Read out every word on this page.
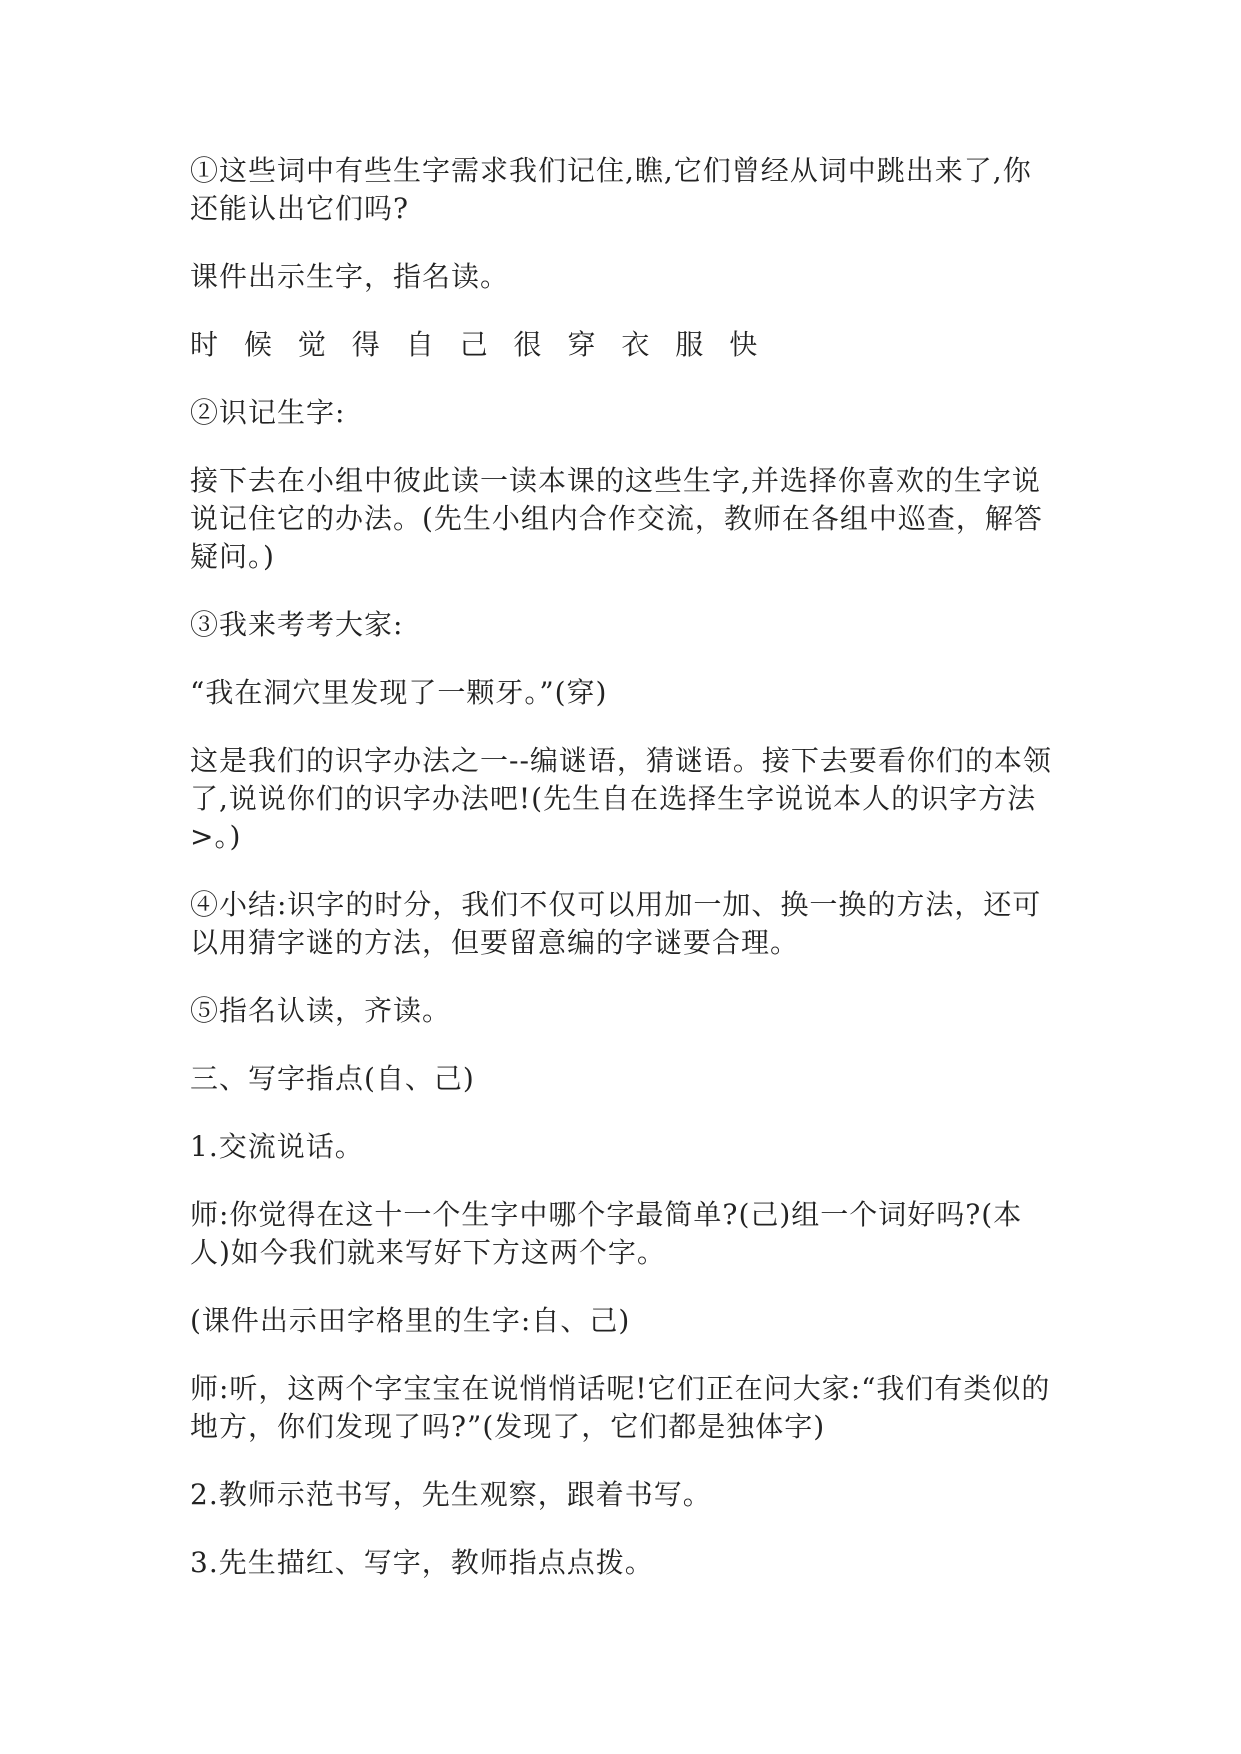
①这些词中有些生字需求我们记住,瞧,它们曾经从词中跳出来了,你还能认出它们吗?

课件出示生字，指名读。

时 候 觉 得 自 己 很 穿 衣 服 快

②识记生字:

接下去在小组中彼此读一读本课的这些生字,并选择你喜欢的生字说说记住它的办法。(先生小组内合作交流，教师在各组中巡查，解答疑问。)

③我来考考大家:

“我在洞穴里发现了一颗牙。”(穿)

这是我们的识字办法之一--编谜语，猜谜语。接下去要看你们的本领了,说说你们的识字办法吧!(先生自在选择生字说说本人的识字方法>。)

④小结:识字的时分，我们不仅可以用加一加、换一换的方法，还可以用猜字谜的方法，但要留意编的字谜要合理。

⑤指名认读，齐读。

三、写字指点(自、己)

1.交流说话。

师:你觉得在这十一个生字中哪个字最简单?(己)组一个词好吗?(本人)如今我们就来写好下方这两个字。

(课件出示田字格里的生字:自、己)

师:听，这两个字宝宝在说悄悄话呢!它们正在问大家:“我们有类似的地方，你们发现了吗?”(发现了，它们都是独体字)

2.教师示范书写，先生观察，跟着书写。

3.先生描红、写字，教师指点点拨。
